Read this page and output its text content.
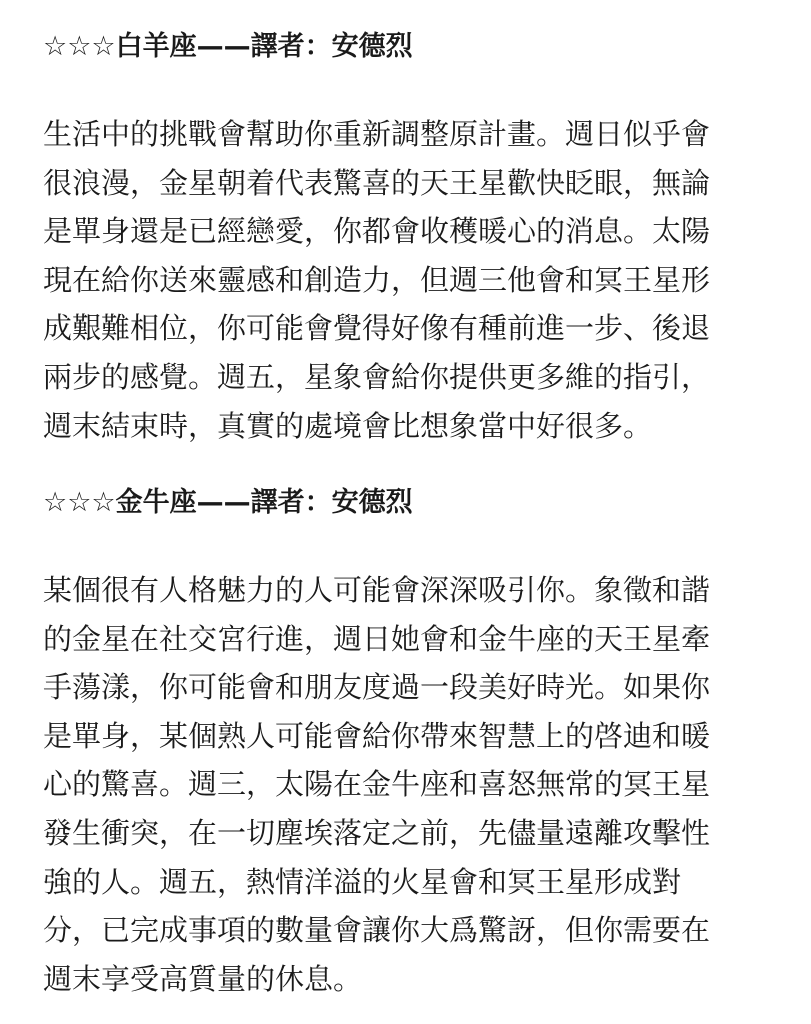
☆☆☆白羊座——譯者：安德烈
生活中的挑戰會幫助你重新調整原計畫。週日似乎會
很浪漫，金星朝着代表驚喜的天王星歡快眨眼，無論
是單身還是已經戀愛，你都會收穫暖心的消息。太陽
現在給你送來靈感和創造力，但週三他會和冥王星形
成艱難相位，你可能會覺得好像有種前進一步、後退
兩步的感覺。週五，星象會給你提供更多維的指引，
週末結束時，真實的處境會比想象當中好很多。
☆☆☆金牛座——譯者：安德烈
某個很有人格魅力的人可能會深深吸引你。象徵和諧
的金星在社交宮行進，週日她會和金牛座的天王星牽
手蕩漾，你可能會和朋友度過一段美好時光。如果你
是單身，某個熟人可能會給你帶來智慧上的啓迪和暖
心的驚喜。週三，太陽在金牛座和喜怒無常的冥王星
發生衝突，在一切塵埃落定之前，先儘量遠離攻擊性
強的人。週五，熱情洋溢的火星會和冥王星形成對
分，已完成事項的數量會讓你大爲驚訝，但你需要在
週末享受高質量的休息。
